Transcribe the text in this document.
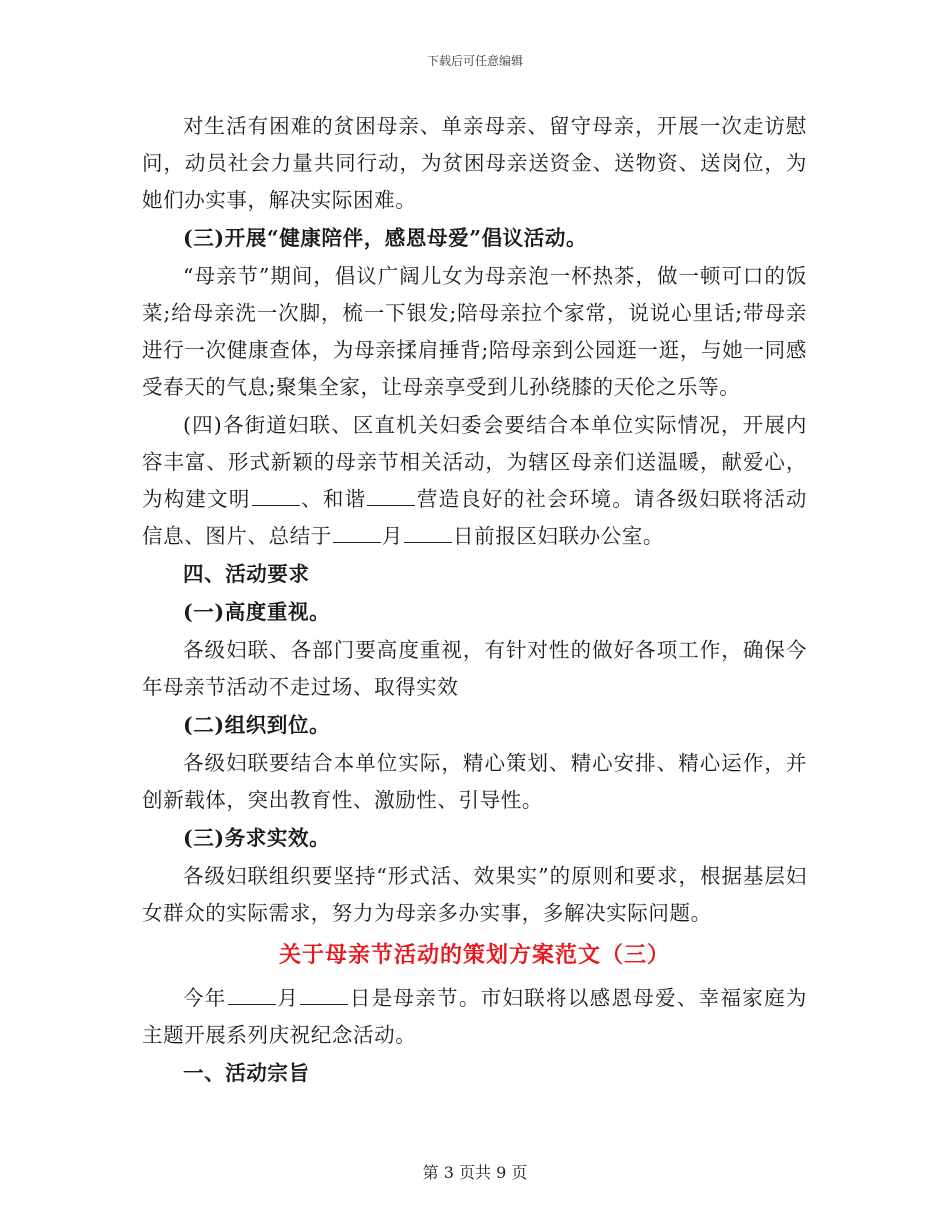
下载后可任意编辑

对生活有困难的贫困母亲、单亲母亲、留守母亲，开展一次走访慰问，动员社会力量共同行动，为贫困母亲送资金、送物资、送岗位，为她们办实事，解决实际困难。

(三)开展“健康陪伴，感恩母爱”倡议活动。

“母亲节”期间，倡议广阔儿女为母亲泡一杯热茶，做一顿可口的饭菜;给母亲洗一次脚，梳一下银发;陪母亲拉个家常，说说心里话;带母亲进行一次健康查体，为母亲揉肩捶背;陪母亲到公园逛一逛，与她一同感受春天的气息;聚集全家，让母亲享受到儿孙绕膝的天伦之乐等。

(四)各街道妇联、区直机关妇委会要结合本单位实际情况，开展内容丰富、形式新颖的母亲节相关活动，为辖区母亲们送温暖，献爱心，为构建文明 、和谐 营造良好的社会环境。请各级妇联将活动信息、图片、总结于 月 日前报区妇联办公室。

四、活动要求

(一)高度重视。

各级妇联、各部门要高度重视，有针对性的做好各项工作，确保今年母亲节活动不走过场、取得实效

(二)组织到位。

各级妇联要结合本单位实际，精心策划、精心安排、精心运作，并创新载体，突出教育性、激励性、引导性。

(三)务求实效。

各级妇联组织要坚持“形式活、效果实”的原则和要求，根据基层妇女群众的实际需求，努力为母亲多办实事，多解决实际问题。

关于母亲节活动的策划方案范文（三）

今年 月 日是母亲节。市妇联将以感恩母爱、幸福家庭为主题开展系列庆祝纪念活动。

一、活动宗旨

第 3 页共 9 页
